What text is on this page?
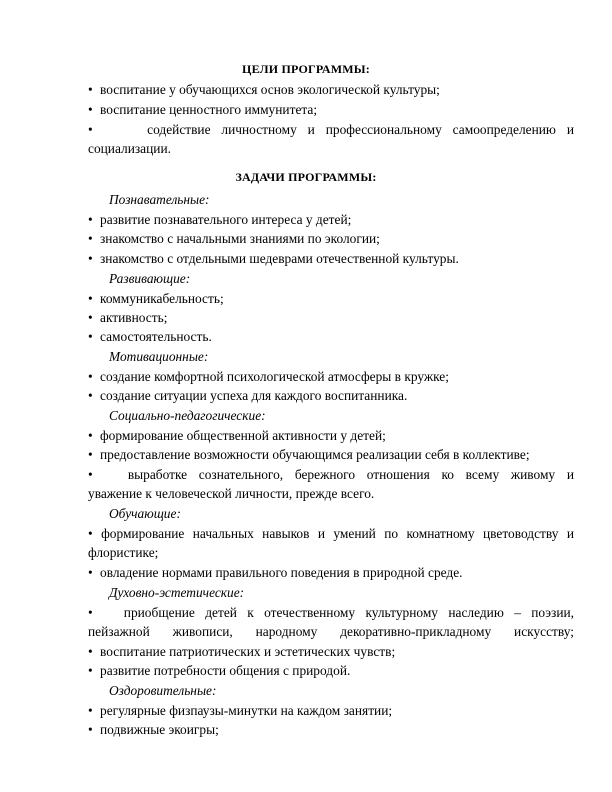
ЦЕЛИ ПРОГРАММЫ:
• воспитание у обучающихся основ экологической культуры;
• воспитание ценностного иммунитета;
•     содействие личностному и профессиональному самоопределению и
социализации.
ЗАДАЧИ ПРОГРАММЫ:
Познавательные:
• развитие познавательного интереса у детей;
• знакомство с начальными знаниями по экологии;
• знакомство с отдельными шедеврами отечественной культуры.
Развивающие:
• коммуникабельность;
• активность;
• самостоятельность.
Мотивационные:
• создание комфортной психологической атмосферы в кружке;
• создание ситуации успеха для каждого воспитанника.
Социально-педагогические:
• формирование общественной активности у детей;
• предоставление возможности обучающимся реализации себя в коллективе;
•   выработке сознательного, бережного отношения ко всему живому и
уважение к человеческой личности, прежде всего.
Обучающие:
• формирование начальных навыков и умений по комнатному цветоводству и
флористике;
• овладение нормами правильного поведения в природной среде.
Духовно-эстетические:
•   приобщение детей к отечественному культурному наследию – поэзии,
пейзажной живописи, народному декоративно-прикладному искусству;
• воспитание патриотических и эстетических чувств;
• развитие потребности общения с природой.
Оздоровительные:
• регулярные физпаузы-минутки на каждом занятии;
• подвижные экоигры;
